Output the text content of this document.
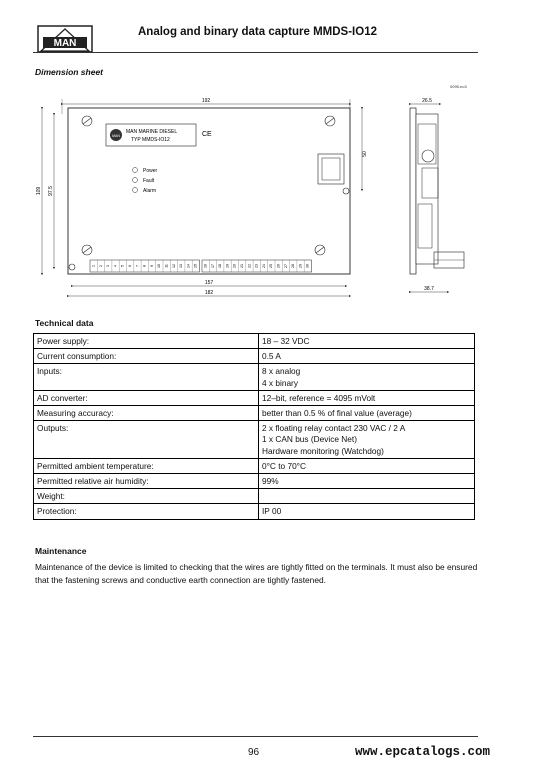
MAN
Analog and binary data capture MMDS-IO12
Dimension sheet
0095.eo3
192
MAN
MAN MARINE DIESEL
TYP MMDS-IO12
CE
Power
Fault
Alarm
1 2 3 4 5 6 7 8 9 10 11 12 13 14 15 16 17 18 19 20 21 22 23 24 25 26 27 28 29 30
50
109 97.5
157
182
26.5
38.7
Technical data
Power supply:	18 – 32 VDC

Current consumption:	0.5 A

Inputs:	8 x analog
4 x binary

AD converter:	12–bit, reference = 4095 mVolt

Measuring accuracy:	better than 0.5 % of final value (average)

Outputs:	2 x floating relay contact 230 VAC / 2 A
1 x CAN bus (Device Net)
Hardware monitoring (Watchdog)

Permitted ambient temperature:	0°C to 70°C

Permitted relative air humidity:	99%

Weight:	

Protection:	IP 00
Maintenance
Maintenance of the device is limited to checking that the wires are tightly fitted on the terminals. It must also be ensured that the fastening screws and conductive earth connection are tightly fastened.
96	www.epcatalogs.com
